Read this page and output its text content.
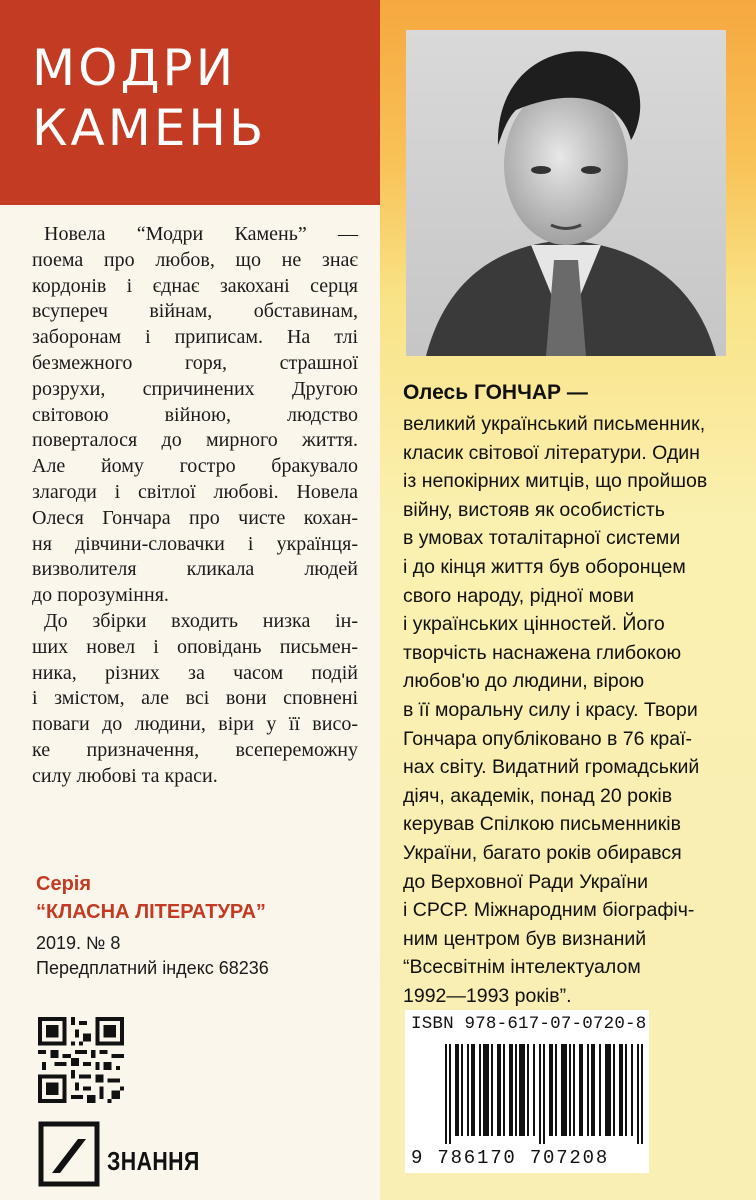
МОДРИ
КАМЕНЬ

Новела “Модри Камень” —
поема про любов, що не знає
кордонів і єднає закохані серця
всупереч війнам, обставинам,
заборонам і приписам. На тлі
безмежного горя, страшної
розрухи, спричинених Другою
світовою війною, людство
поверталося до мирного життя.
Але йому гостро бракувало
злагоди і світлої любові. Новела
Олеся Гончара про чисте кохан-
ня дівчини-словачки і українця-
визволителя кликала людей
до порозуміння.

До збірки входить низка ін-
ших новел і оповідань письмен-
ника, різних за часом подій
і змістом, але всі вони сповнені
поваги до людини, віри у її висо-
ке призначення, всепереможну
силу любові та краси.

Серія
“КЛАСНА ЛІТЕРАТУРА”
2019. № 8
Передплатний індекс 68236
ЗНАННЯ
Олесь ГОНЧАР —
великий український письменник,
класик світової літератури. Один
із непокірних митців, що пройшов
війну, вистояв як особистість
в умовах тоталітарної системи
і до кінця життя був оборонцем
свого народу, рідної мови
і українських цінностей. Його
творчість наснажена глибокою
любов'ю до людини, вірою
в її моральну силу і красу. Твори
Гончара опубліковано в 76 краї-
нах світу. Видатний громадський
діяч, академік, понад 20 років
керував Спілкою письменників
України, багато років обирався
до Верховної Ради України
і СРСР. Міжнародним біографіч-
ним центром був визнаний
“Всесвітнім інтелектуалом
1992—1993 років”.
ISBN 978-617-07-0720-8
9 786170 707208
